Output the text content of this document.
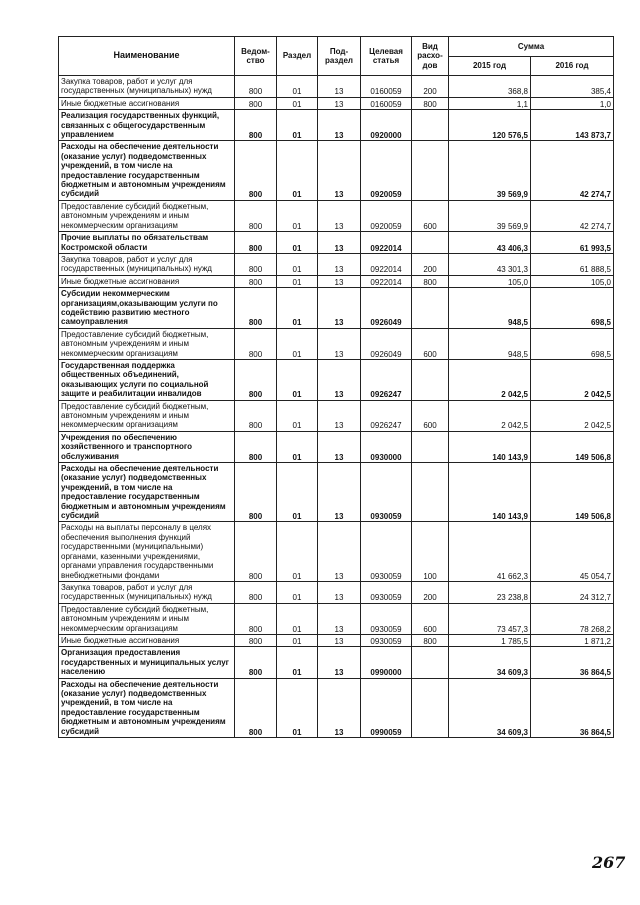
Наименование	Ведом-ство	Раздел	Под-раздел	Целевая статья	Вид расхо-дов	Сумма	
						2015 год	2016 год
Закупка товаров, работ и услуг для государственных (муниципальных) нужд	800	01	13	0160059	200	368,8	385,4
Иные бюджетные ассигнования	800	01	13	0160059	800	1,1	1,0
Реализация государственных функций, связанных с общегосударственным управлением	800	01	13	0920000		120 576,5	143 873,7
Расходы на обеспечение деятельности (оказание услуг) подведомственных учреждений, в том числе на предоставление государственным бюджетным и автономным учреждениям субсидий	800	01	13	0920059		39 569,9	42 274,7
Предоставление субсидий бюджетным, автономным учреждениям и иным некоммерческим организациям	800	01	13	0920059	600	39 569,9	42 274,7
Прочие выплаты по обязательствам Костромской области	800	01	13	0922014		43 406,3	61 993,5
Закупка товаров, работ и услуг для государственных (муниципальных) нужд	800	01	13	0922014	200	43 301,3	61 888,5
Иные бюджетные ассигнования	800	01	13	0922014	800	105,0	105,0
Субсидии некоммерческим организациям,оказывающим услуги по содействию развитию местного самоуправления	800	01	13	0926049		948,5	698,5
Предоставление субсидий бюджетным, автономным учреждениям и иным некоммерческим организациям	800	01	13	0926049	600	948,5	698,5
Государственная поддержка общественных объединений, оказывающих услуги по социальной защите и реабилитации инвалидов	800	01	13	0926247		2 042,5	2 042,5
Предоставление субсидий бюджетным, автономным учреждениям и иным некоммерческим организациям	800	01	13	0926247	600	2 042,5	2 042,5
Учреждения по обеспечению хозяйственного и транспортного обслуживания	800	01	13	0930000		140 143,9	149 506,8
Расходы на обеспечение деятельности (оказание услуг) подведомственных учреждений, в том числе на предоставление государственным бюджетным и автономным учреждениям субсидий	800	01	13	0930059		140 143,9	149 506,8
Расходы на выплаты персоналу в целях обеспечения выполнения функций государственными (муниципальными) органами, казенными учреждениями, органами управления государственными внебюджетными фондами	800	01	13	0930059	100	41 662,3	45 054,7
Закупка товаров, работ и услуг для государственных (муниципальных) нужд	800	01	13	0930059	200	23 238,8	24 312,7
Предоставление субсидий бюджетным, автономным учреждениям и иным некоммерческим организациям	800	01	13	0930059	600	73 457,3	78 268,2
Иные бюджетные ассигнования	800	01	13	0930059	800	1 785,5	1 871,2
Организация предоставления государственных и муниципальных услуг населению	800	01	13	0990000		34 609,3	36 864,5
Расходы на обеспечение деятельности (оказание услуг) подведомственных учреждений, в том числе на предоставление государственным бюджетным и автономным учреждениям субсидий	800	01	13	0990059		34 609,3	36 864,5
267
